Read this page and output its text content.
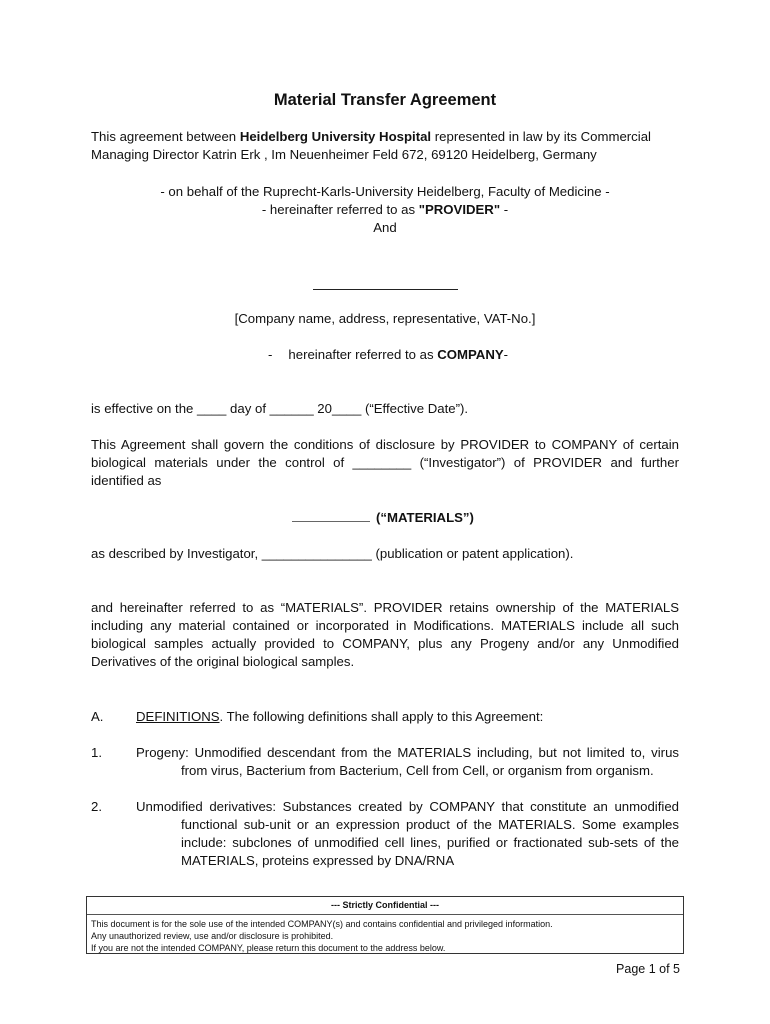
Material Transfer Agreement
This agreement between Heidelberg University Hospital represented in law by its Commercial Managing Director Katrin Erk , Im Neuenheimer Feld 672, 69120 Heidelberg, Germany
- on behalf of the Ruprecht-Karls-University Heidelberg, Faculty of Medicine -
- hereinafter referred to as "PROVIDER" -
And
[Company name, address, representative, VAT-No.]
- hereinafter referred to as COMPANY-
is effective on the ____ day of ______ 20____ (“Effective Date”).
This Agreement shall govern the conditions of disclosure by PROVIDER to COMPANY of certain biological materials under the control of ________ (“Investigator”) of PROVIDER and further identified as
(“MATERIALS”)
as described by Investigator, _______________ (publication or patent application).
and hereinafter referred to as “MATERIALS”. PROVIDER retains ownership of the MATERIALS including any material contained or incorporated in Modifications. MATERIALS include all such biological samples actually provided to COMPANY, plus any Progeny and/or any Unmodified Derivatives of the original biological samples.
A. DEFINITIONS. The following definitions shall apply to this Agreement:
1.	Progeny: Unmodified descendant from the MATERIALS including, but not limited to, virus from virus, Bacterium from Bacterium, Cell from Cell, or organism from organism.
2.	Unmodified derivatives: Substances created by COMPANY that constitute an unmodified functional sub-unit or an expression product of the MATERIALS. Some examples include: subclones of unmodified cell lines, purified or fractionated sub-sets of the MATERIALS, proteins expressed by DNA/RNA
--- Strictly Confidential ---
This document is for the sole use of the intended COMPANY(s) and contains confidential and privileged information.
Any unauthorized review, use and/or disclosure is prohibited.
If you are not the intended COMPANY, please return this document to the address below.
Page 1 of 5
